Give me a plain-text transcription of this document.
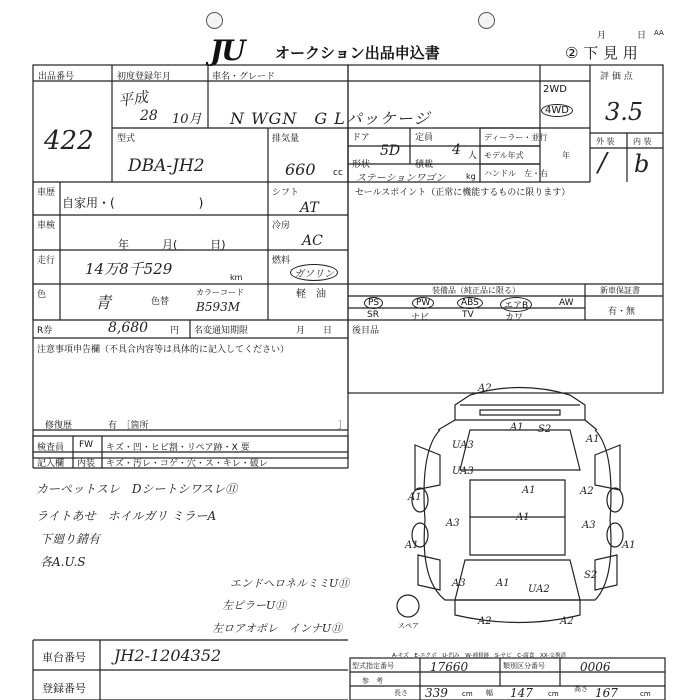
JU オークション出品申込書
月	日 AA
② 下 見 用
出品番号
422
初度登録年月
平成
28 10月
車名・グレード
N WGN　G Lパッケージ
型式
DBA-JH2
排気量
660 cc
ドア
5D
定員
4 人
形状
ステーションワゴン
積載
kg
ディーラー・並行
モデル年式	年
ハンドル　左・右
2WD
4WD
評 価 点
3.5
外 装 内 装
/ b
車歴
自家用・(　　　　　　　)
シフト
AT
セールスポイント（正常に機能するものに限ります）
車検
年　　　月(　　　日)
冷房
AC
走行 14万8千529	km
燃料
ガソリン
軽　油
色	青	色替
カラーコード
B593M
装備品（純正品に限る）	新車保証書
有・無
PS	PW	ABS	エアB	AW
SR	ナビ	TV	カワ
R券	8,680 円 名変通知期限	月　　日 後目品
注意事項申告欄（不具合内容等は具体的に記入してください）
修復歴	有　［箇所	］
検査員 FW キズ・凹・ヒビ割・リペア跡・X 要
記入欄 内装 キズ・汚レ・コゲ・穴・ス・キレ・破レ
カーペットスレ　Dシートシワスレ⑪
ライトあせ　ホイルガリ ミラーA
下廻り錆有
各A.U.S
エンドヘロネルミミU⑪
左ピラーU⑪
左ロアオポレ　インナU⑪
A2
A1 S2
A1
UA3
UA3
A1
A1	A2
A3
A1
A3
A3	A1
UA2
S2
A2	A2
A1	A1
スペア
車台番号 JH2-1204352
登録番号
A-キズ　E-エクボ　U-凹み　W-補修跡　S-サビ　C-腐食　XX-交換済
型式指定番号	17660	類別区分番号	0006
参　考
長さ 339 cm 幅 147 cm
高さ 167	cm
